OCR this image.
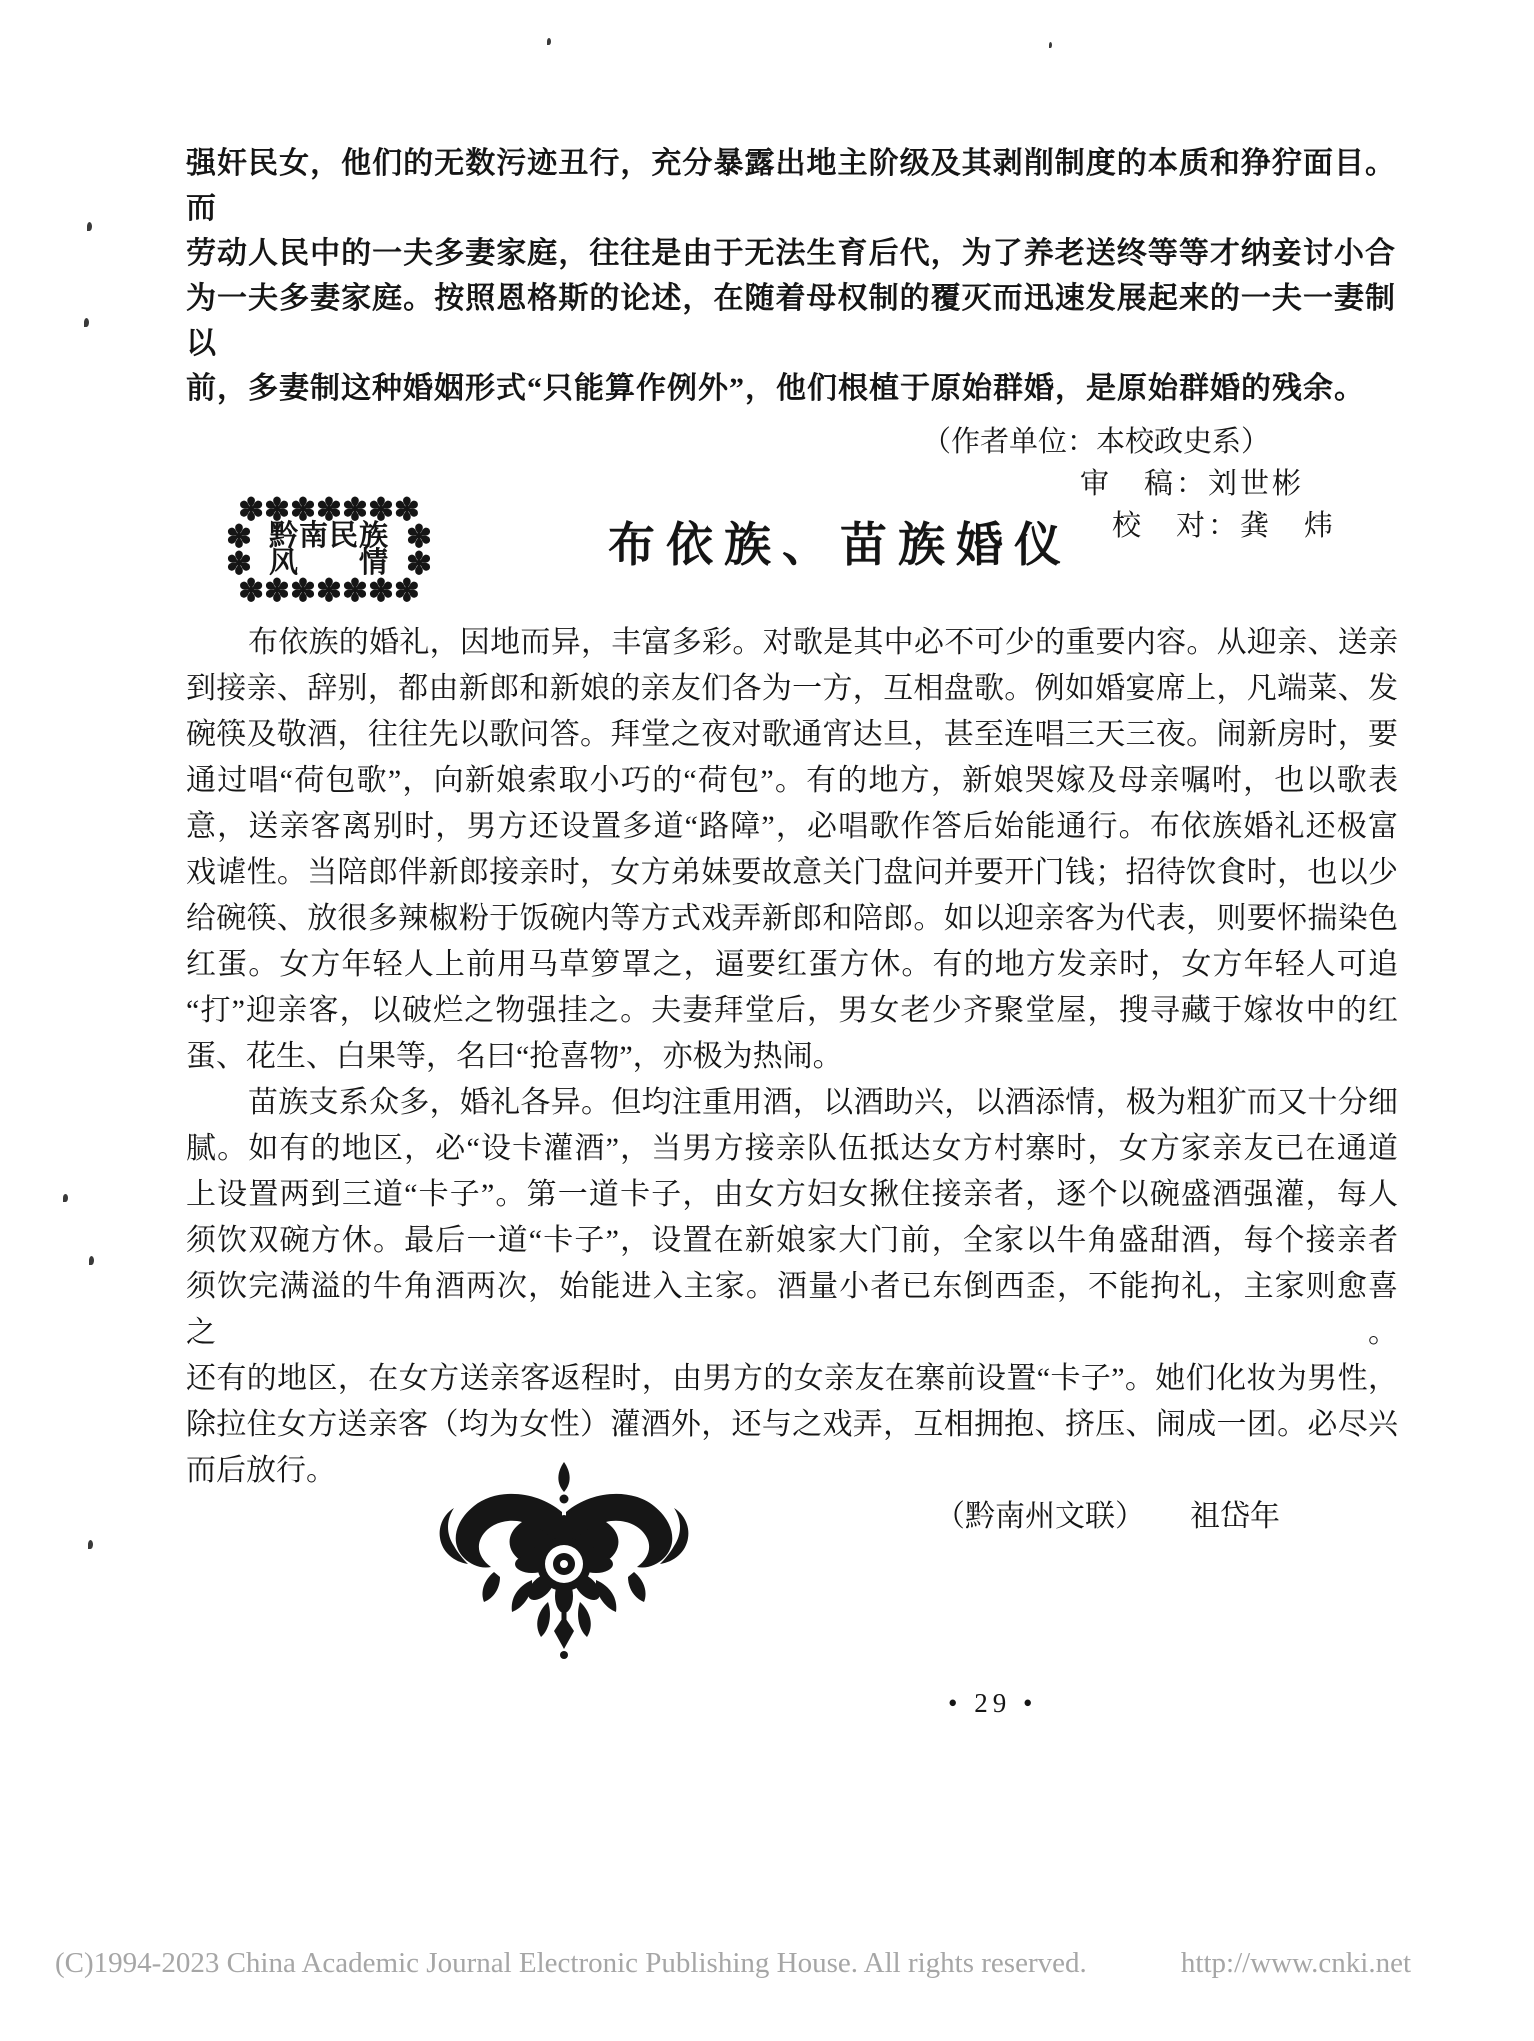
强奸民女，他们的无数污迹丑行，充分暴露出地主阶级及其剥削制度的本质和狰狞面目。而
劳动人民中的一夫多妻家庭，往往是由于无法生育后代，为了养老送终等等才纳妾讨小合
为一夫多妻家庭。按照恩格斯的论述，在随着母权制的覆灭而迅速发展起来的一夫一妻制以
前，多妻制这种婚姻形式“只能算作例外”，他们根植于原始群婚，是原始群婚的残余。
（作者单位：本校政史系）
审　稿：刘世彬
校　对：龚　炜
✽✽✽✽✽✽✽
✽ 黔南民族 ✽
✽ 风　　情 ✽
✽✽✽✽✽✽✽
布依族、苗族婚仪
布依族的婚礼，因地而异，丰富多彩。对歌是其中必不可少的重要内容。从迎亲、送亲
到接亲、辞别，都由新郎和新娘的亲友们各为一方，互相盘歌。例如婚宴席上，凡端菜、发
碗筷及敬酒，往往先以歌问答。拜堂之夜对歌通宵达旦，甚至连唱三天三夜。闹新房时，要
通过唱“荷包歌”，向新娘索取小巧的“荷包”。有的地方，新娘哭嫁及母亲嘱咐，也以歌表
意，送亲客离别时，男方还设置多道“路障”，必唱歌作答后始能通行。布依族婚礼还极富
戏谑性。当陪郎伴新郎接亲时，女方弟妹要故意关门盘问并要开门钱；招待饮食时，也以少
给碗筷、放很多辣椒粉于饭碗内等方式戏弄新郎和陪郎。如以迎亲客为代表，则要怀揣染色
红蛋。女方年轻人上前用马草箩罩之，逼要红蛋方休。有的地方发亲时，女方年轻人可追
“打”迎亲客，以破烂之物强挂之。夫妻拜堂后，男女老少齐聚堂屋，搜寻藏于嫁妆中的红
蛋、花生、白果等，名曰“抢喜物”，亦极为热闹。
苗族支系众多，婚礼各异。但均注重用酒，以酒助兴，以酒添情，极为粗犷而又十分细
腻。如有的地区，必“设卡灌酒”，当男方接亲队伍抵达女方村寨时，女方家亲友已在通道
上设置两到三道“卡子”。第一道卡子，由女方妇女揪住接亲者，逐个以碗盛酒强灌，每人
须饮双碗方休。最后一道“卡子”，设置在新娘家大门前，全家以牛角盛甜酒，每个接亲者
须饮完满溢的牛角酒两次，始能进入主家。酒量小者已东倒西歪，不能拘礼，主家则愈喜之。
还有的地区，在女方送亲客返程时，由男方的女亲友在寨前设置“卡子”。她们化妆为男性，
除拉住女方送亲客（均为女性）灌酒外，还与之戏弄，互相拥抱、挤压、闹成一团。必尽兴
而后放行。
（黔南州文联）　　祖岱年
• 29 •
(C)1994-2023 China Academic Journal Electronic Publishing House. All rights reserved.	http://www.cnki.net
